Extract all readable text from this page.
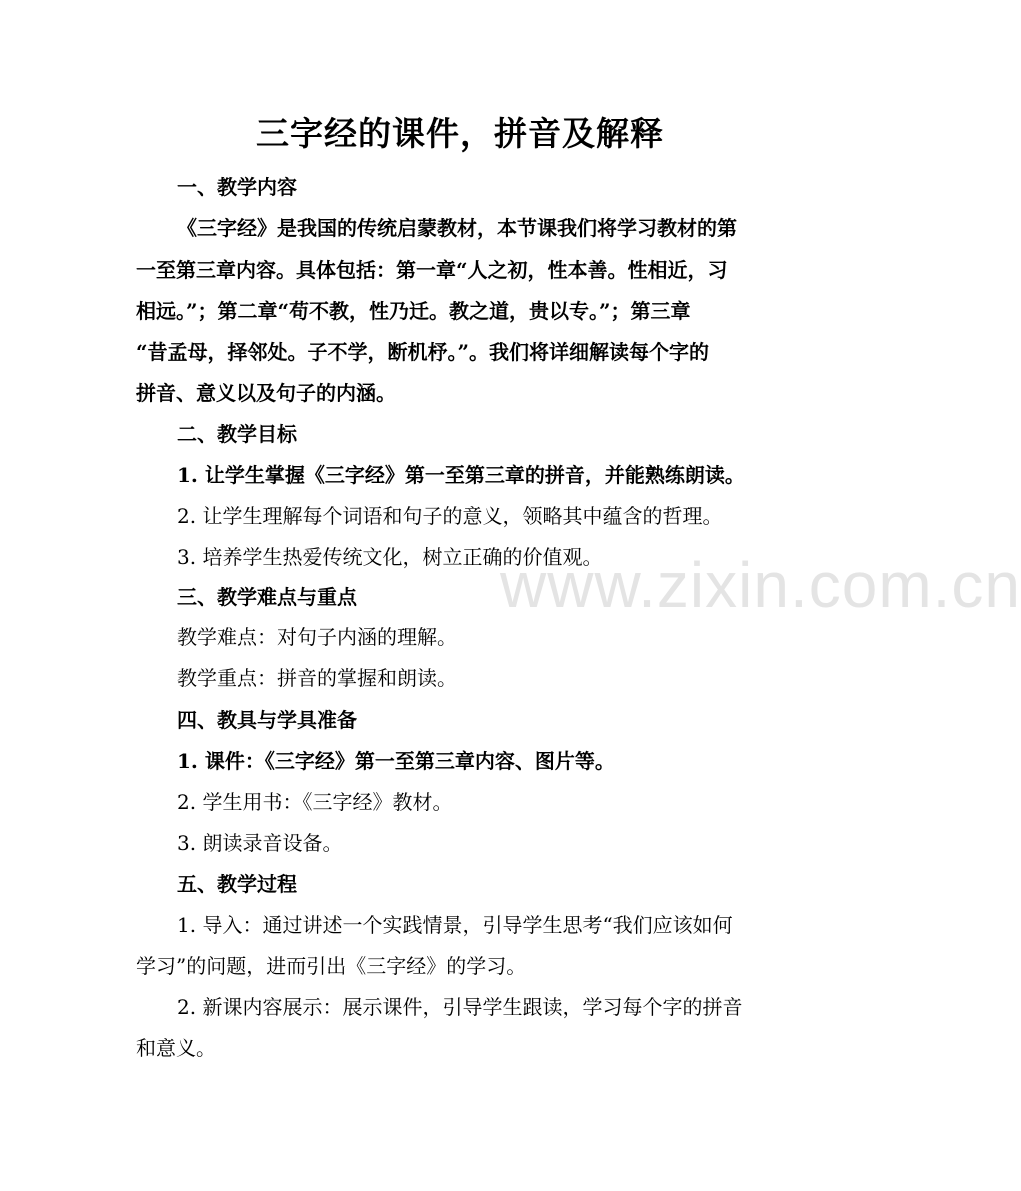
www.zixin.com.cn
三字经的课件，拼音及解释
一、教学内容
《三字经》是我国的传统启蒙教材，本节课我们将学习教材的第
一至第三章内容。具体包括：第一章“人之初，性本善。性相近，习
相远。”；第二章“苟不教，性乃迁。教之道，贵以专。”；第三章
“昔孟母，择邻处。子不学，断机杼。”。我们将详细解读每个字的
拼音、意义以及句子的内涵。
二、教学目标
1. 让学生掌握《三字经》第一至第三章的拼音，并能熟练朗读。
2. 让学生理解每个词语和句子的意义，领略其中蕴含的哲理。
3. 培养学生热爱传统文化，树立正确的价值观。
三、教学难点与重点
教学难点：对句子内涵的理解。
教学重点：拼音的掌握和朗读。
四、教具与学具准备
1. 课件：《三字经》第一至第三章内容、图片等。
2. 学生用书：《三字经》教材。
3. 朗读录音设备。
五、教学过程
1. 导入：通过讲述一个实践情景，引导学生思考“我们应该如何
学习”的问题，进而引出《三字经》的学习。
2. 新课内容展示：展示课件，引导学生跟读，学习每个字的拼音
和意义。
